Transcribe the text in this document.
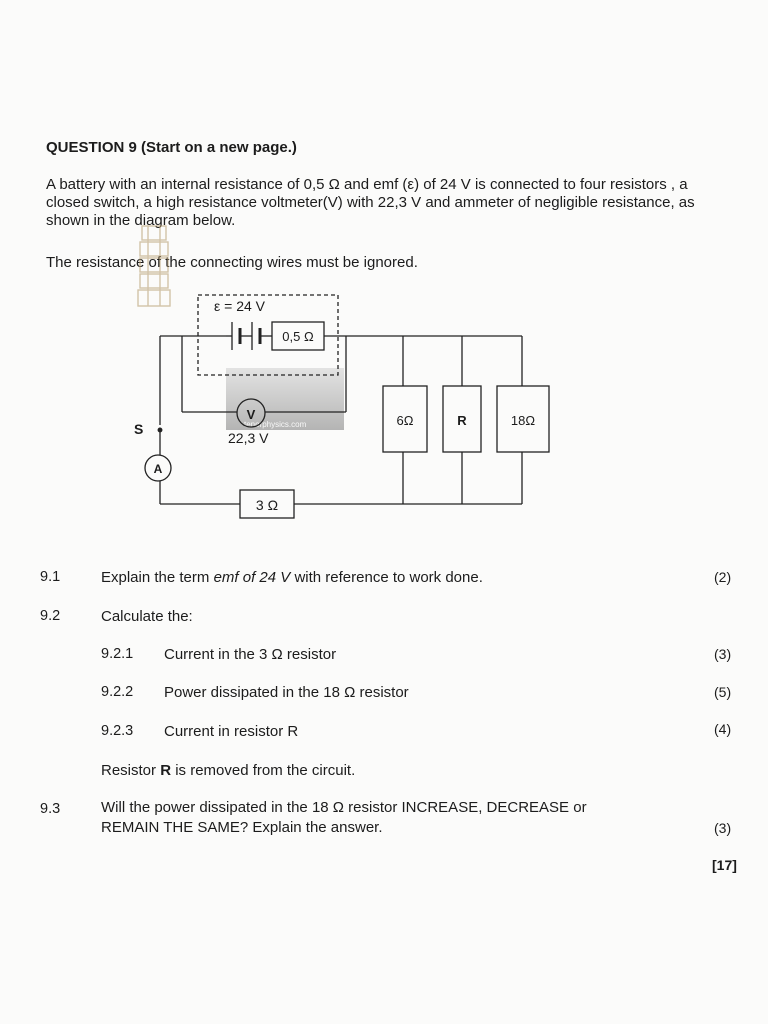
QUESTION 9 (Start on a new page.)
A battery with an internal resistance of 0,5 Ω and emf (ε) of 24 V is connected to four resistors , a closed switch, a high resistance voltmeter(V) with 22,3 V and ammeter of negligible resistance, as shown in the diagram below.
The resistance of the connecting wires must be ignored.
tenorphysics.com
ε = 24 V
0,5 Ω
V
22,3 V
S
A
3 Ω
6Ω	R	18Ω
9.1	Explain the term emf of 24 V with reference to work done.	(2)
9.2	Calculate the:
9.2.1 Current in the 3 Ω resistor	(3)
9.2.2 Power dissipated in the 18 Ω resistor	(5)
9.2.3 Current in resistor R	(4)
Resistor R is removed from the circuit.
9.3	Will the power dissipated in the 18 Ω resistor INCREASE, DECREASE or
REMAIN THE SAME? Explain the answer.	(3)
[17]
